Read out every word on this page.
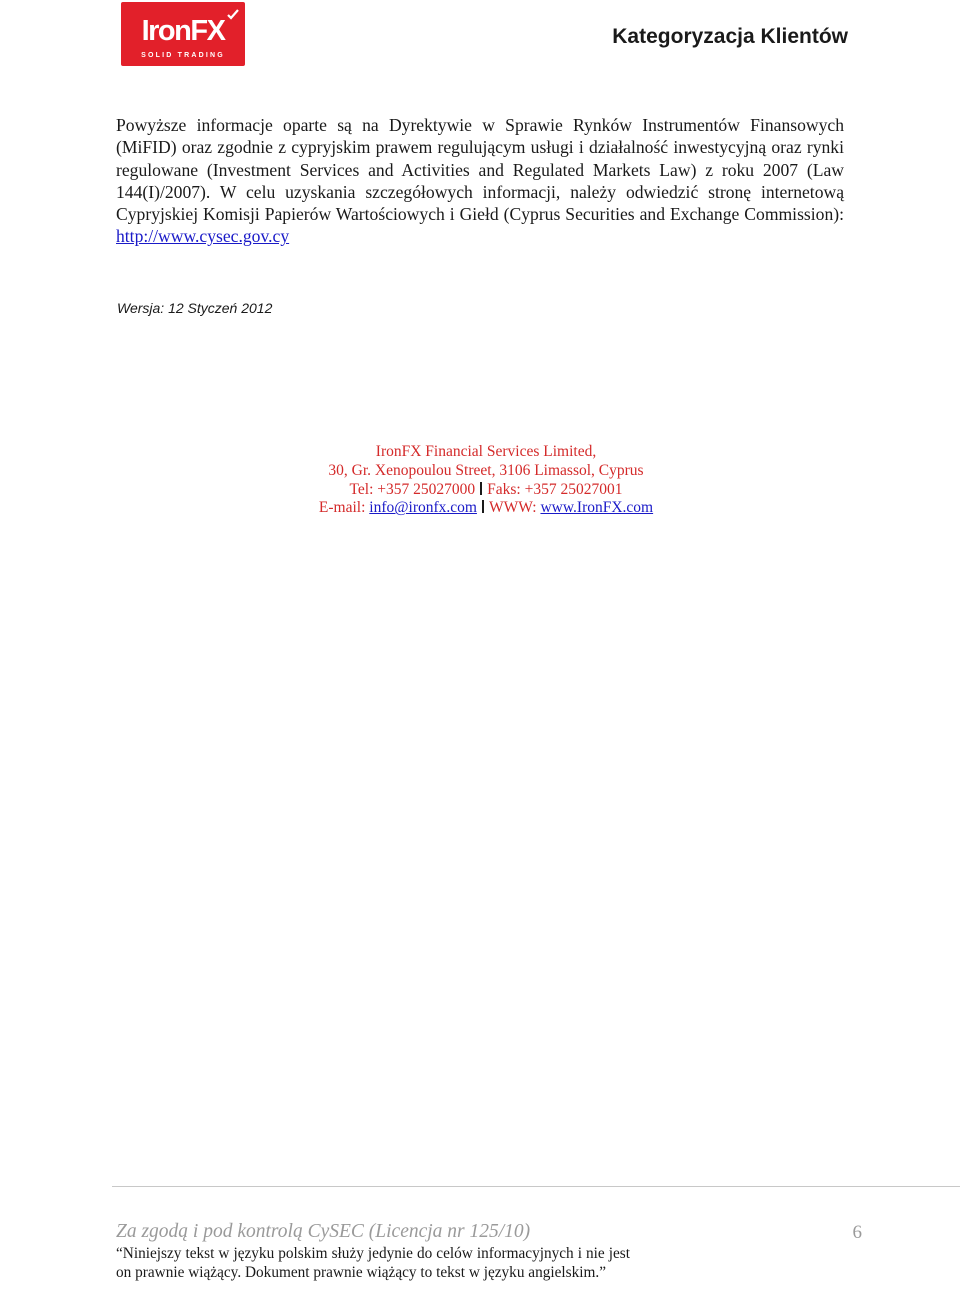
IronFX
SOLID TRADING
Kategoryzacja Klientów
Powyższe informacje oparte są na Dyrektywie w Sprawie Rynków Instrumentów Finansowych (MiFID) oraz zgodnie z cypryjskim prawem regulującym usługi i działalność inwestycyjną oraz rynki regulowane (Investment Services and Activities and Regulated Markets Law) z roku 2007 (Law 144(I)/2007). W celu uzyskania szczegółowych informacji, należy odwiedzić stronę internetową Cypryjskiej Komisji Papierów Wartościowych i Giełd (Cyprus Securities and Exchange Commission): http://www.cysec.gov.cy
Wersja: 12 Styczeń 2012
IronFX Financial Services Limited,
30, Gr. Xenopoulou Street, 3106 Limassol, Cyprus
Tel: +357 25027000 Faks: +357 25027001
E-mail: info@ironfx.com WWW: www.IronFX.com
Za zgodą i pod kontrolą CySEC (Licencja nr 125/10)	6
“Niniejszy tekst w języku polskim służy jedynie do celów informacyjnych i nie jest on prawnie wiążący. Dokument prawnie wiążący to tekst w języku angielskim.”
